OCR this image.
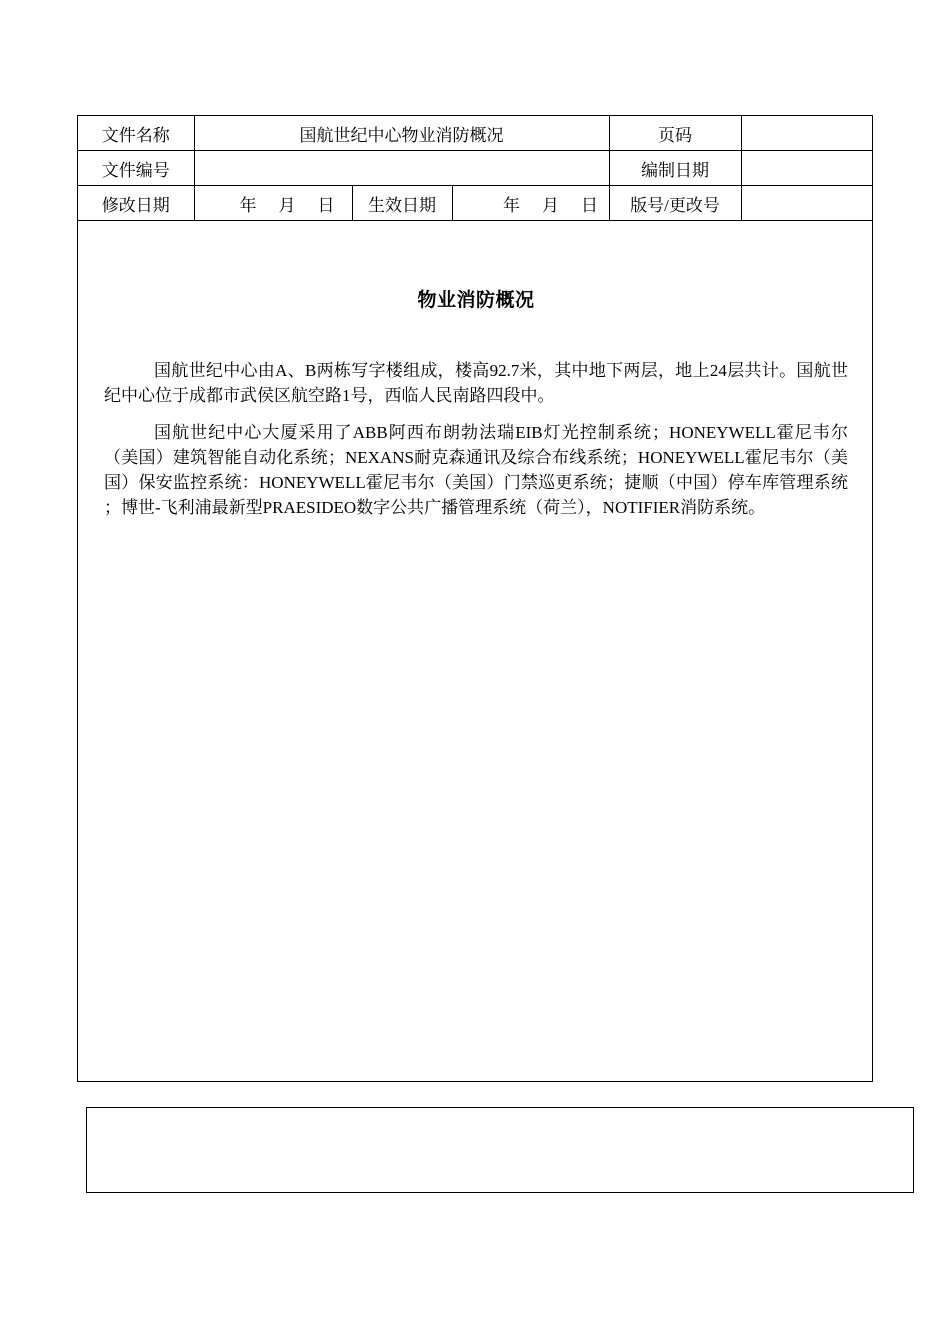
文件名称	国航世纪中心物业消防概况			页码	
文件编号				编制日期	
修改日期	年 月 日	生效日期	年 月 日	版号/更改号	
物业消防概况

国航世纪中心由A、B两栋写字楼组成，楼高92.7米，其中地下两层，地上24层共计。国航世纪中心位于成都市武侯区航空路1号，西临人民南路四段中。

国航世纪中心大厦采用了ABB阿西布朗勃法瑞EIB灯光控制系统；HONEYWELL霍尼韦尔（美国）建筑智能自动化系统；NEXANS耐克森通讯及综合布线系统；HONEYWELL霍尼韦尔（美国）保安监控系统：HONEYWELL霍尼韦尔（美国）门禁巡更系统；捷顺（中国）停车库管理系统 ；博世-飞利浦最新型PRAESIDEO数字公共广播管理系统（荷兰），NOTIFIER消防系统。
